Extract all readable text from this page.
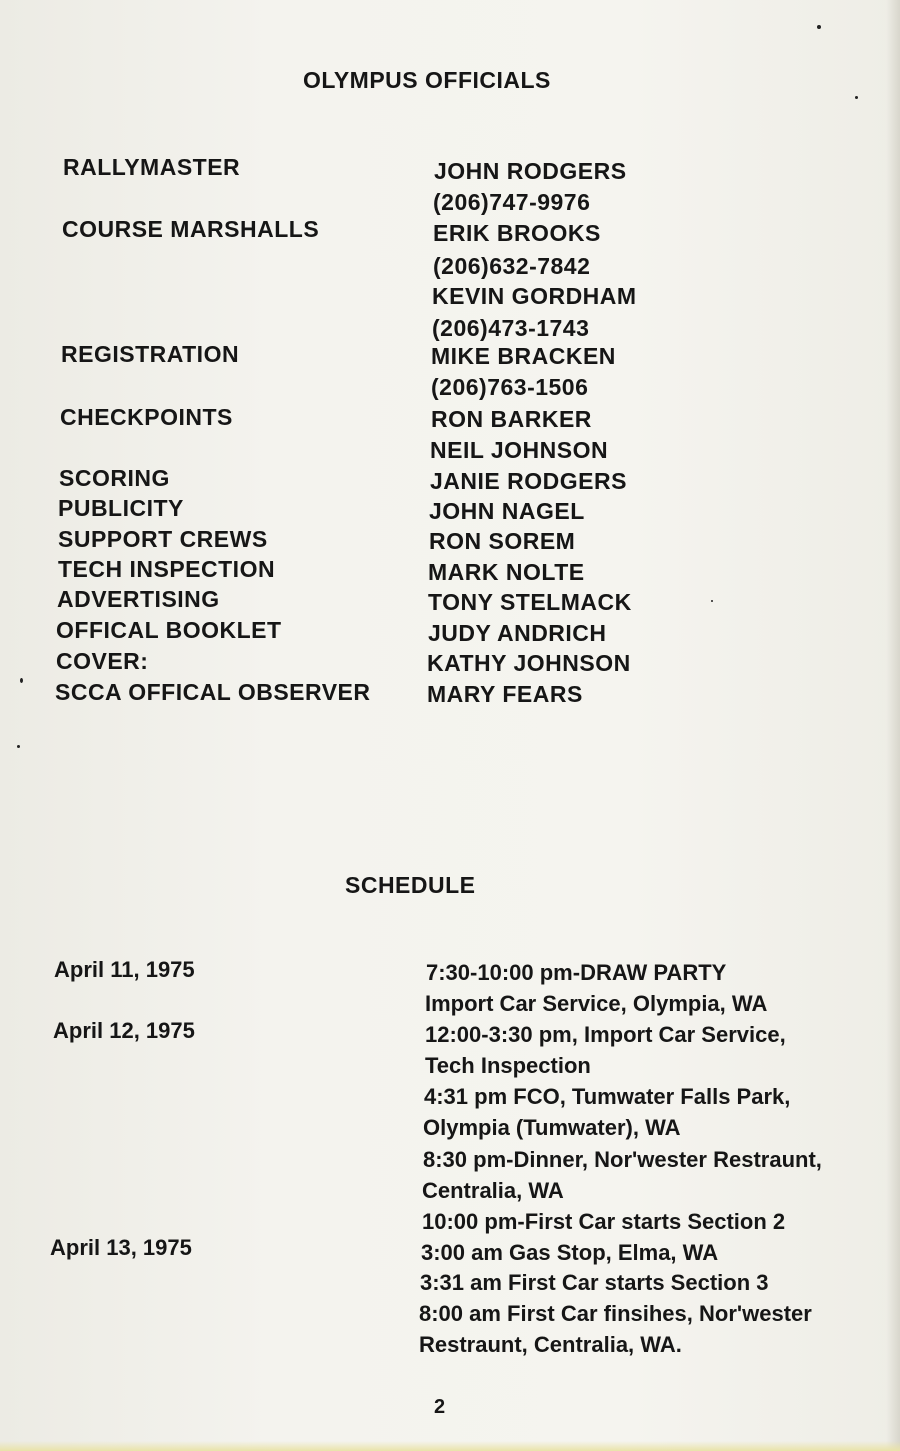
OLYMPUS OFFICIALS
RALLYMASTER
COURSE MARSHALLS
REGISTRATION
CHECKPOINTS
SCORING
PUBLICITY
SUPPORT CREWS
TECH INSPECTION
ADVERTISING
OFFICAL BOOKLET
COVER:
SCCA OFFICAL OBSERVER
JOHN RODGERS
(206)747-9976
ERIK BROOKS
(206)632-7842
KEVIN GORDHAM
(206)473-1743
MIKE BRACKEN
(206)763-1506
RON BARKER
NEIL JOHNSON
JANIE RODGERS
JOHN NAGEL
RON SOREM
MARK NOLTE
TONY STELMACK
JUDY ANDRICH
KATHY JOHNSON
MARY FEARS
SCHEDULE
April 11, 1975
April 12, 1975
April 13, 1975
7:30-10:00 pm-DRAW PARTY
Import Car Service, Olympia, WA
12:00-3:30 pm, Import Car Service,
Tech Inspection
4:31 pm FCO, Tumwater Falls Park,
Olympia (Tumwater), WA
8:30 pm-Dinner, Nor'wester Restraunt,
Centralia, WA
10:00 pm-First Car starts Section 2
3:00 am Gas Stop, Elma, WA
3:31 am First Car starts Section 3
8:00 am First Car finsihes, Nor'wester
Restraunt, Centralia, WA.
2
